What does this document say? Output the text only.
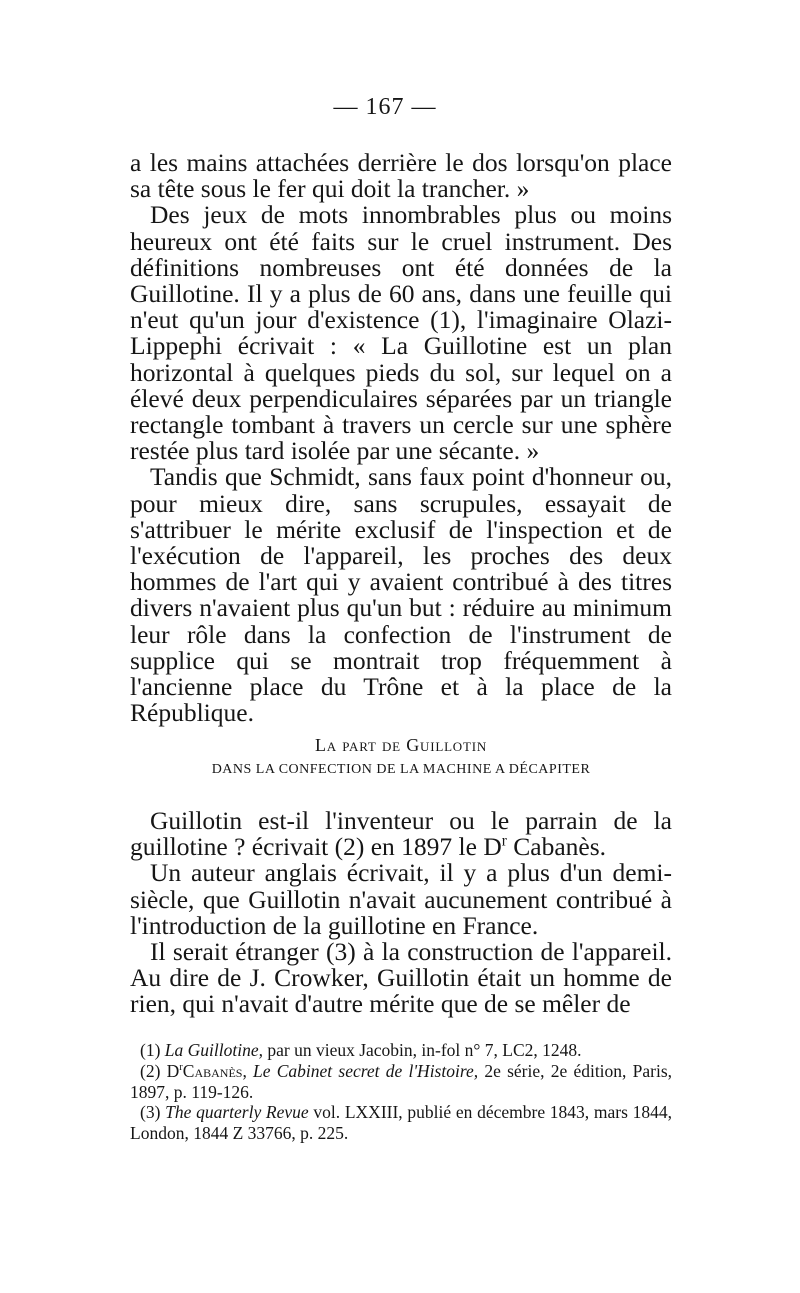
— 167 —

a les mains attachées derrière le dos lorsqu'on place sa tête sous le fer qui doit la trancher. »

Des jeux de mots innombrables plus ou moins heureux ont été faits sur le cruel instrument. Des définitions nombreuses ont été données de la Guillotine. Il y a plus de 60 ans, dans une feuille qui n'eut qu'un jour d'existence (1), l'imaginaire Olazi-Lippephi écrivait : « La Guillotine est un plan horizontal à quelques pieds du sol, sur lequel on a élevé deux perpendiculaires séparées par un triangle rectangle tombant à travers un cercle sur une sphère restée plus tard isolée par une sécante. »

Tandis que Schmidt, sans faux point d'honneur ou, pour mieux dire, sans scrupules, essayait de s'attribuer le mérite exclusif de l'inspection et de l'exécution de l'appareil, les proches des deux hommes de l'art qui y avaient contribué à des titres divers n'avaient plus qu'un but : réduire au minimum leur rôle dans la confection de l'instrument de supplice qui se montrait trop fréquemment à l'ancienne place du Trône et à la place de la République.

La part de Guillotin
DANS LA CONFECTION DE LA MACHINE A DÉCAPITER

Guillotin est-il l'inventeur ou le parrain de la guillotine ? écrivait (2) en 1897 le $D^r$ Cabanès.

Un auteur anglais écrivait, il y a plus d'un demi-siècle, que Guillotin n'avait aucunement contribué à l'introduction de la guillotine en France.

Il serait étranger (3) à la construction de l'appareil. Au dire de J. Crowker, Guillotin était un homme de rien, qui n'avait d'autre mérite que de se mêler de

(1) La Guillotine, par un vieux Jacobin, in-fol n° 7, LC2, 1248.

(2) $D^rCabanès$, Le Cabinet secret de l'Histoire, 2e série, 2e édition, Paris, 1897, p. 119-126.

(3) The quarterly Revue vol. LXXIII, publié en décembre 1843, mars 1844, London, 1844 Z 33766, p. 225.
